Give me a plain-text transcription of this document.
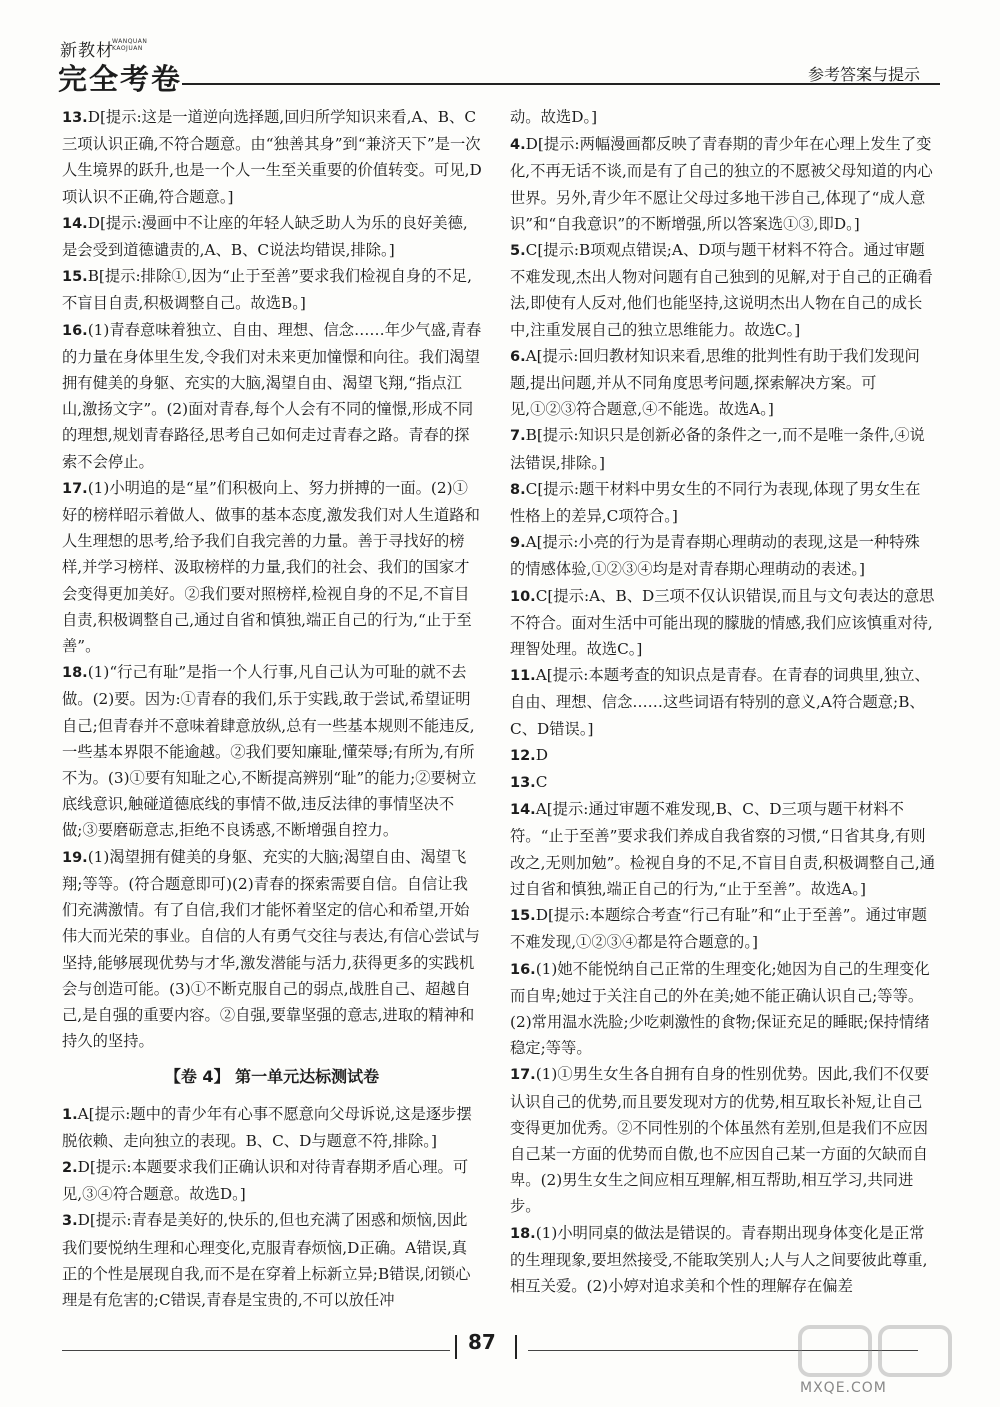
新教材
WANQUAN
KAOJUAN
完全考卷	参考答案与提示
13.D[提示:这是一道逆向选择题,回归所学知识来看,A、B、C三项认识正确,不符合题意。由“独善其身”到“兼济天下”是一次人生境界的跃升,也是一个人一生至关重要的价值转变。可见,D项认识不正确,符合题意。]
14.D[提示:漫画中不让座的年轻人缺乏助人为乐的良好美德,是会受到道德谴责的,A、B、C说法均错误,排除。]
15.B[提示:排除①,因为“止于至善”要求我们检视自身的不足,不盲目自责,积极调整自己。故选B。]
16.(1)青春意味着独立、自由、理想、信念……年少气盛,青春的力量在身体里生发,令我们对未来更加憧憬和向往。我们渴望拥有健美的身躯、充实的大脑,渴望自由、渴望飞翔,“指点江山,激扬文字”。(2)面对青春,每个人会有不同的憧憬,形成不同的理想,规划青春路径,思考自己如何走过青春之路。青春的探索不会停止。
17.(1)小明追的是“星”们积极向上、努力拼搏的一面。(2)①好的榜样昭示着做人、做事的基本态度,激发我们对人生道路和人生理想的思考,给予我们自我完善的力量。善于寻找好的榜样,并学习榜样、汲取榜样的力量,我们的社会、我们的国家才会变得更加美好。②我们要对照榜样,检视自身的不足,不盲目自责,积极调整自己,通过自省和慎独,端正自己的行为,“止于至善”。
18.(1)“行己有耻”是指一个人行事,凡自己认为可耻的就不去做。(2)要。因为:①青春的我们,乐于实践,敢于尝试,希望证明自己;但青春并不意味着肆意放纵,总有一些基本规则不能违反,一些基本界限不能逾越。②我们要知廉耻,懂荣辱;有所为,有所不为。(3)①要有知耻之心,不断提高辨别“耻”的能力;②要树立底线意识,触碰道德底线的事情不做,违反法律的事情坚决不做;③要磨砺意志,拒绝不良诱惑,不断增强自控力。
19.(1)渴望拥有健美的身躯、充实的大脑;渴望自由、渴望飞翔;等等。(符合题意即可)(2)青春的探索需要自信。自信让我们充满激情。有了自信,我们才能怀着坚定的信心和希望,开始伟大而光荣的事业。自信的人有勇气交往与表达,有信心尝试与坚持,能够展现优势与才华,激发潜能与活力,获得更多的实践机会与创造可能。(3)①不断克服自己的弱点,战胜自己、超越自己,是自强的重要内容。②自强,要靠坚强的意志,进取的精神和持久的坚持。
【卷 4】 第一单元达标测试卷
1.A[提示:题中的青少年有心事不愿意向父母诉说,这是逐步摆脱依赖、走向独立的表现。B、C、D与题意不符,排除。]
2.D[提示:本题要求我们正确认识和对待青春期矛盾心理。可见,③④符合题意。故选D。]
3.D[提示:青春是美好的,快乐的,但也充满了困惑和烦恼,因此我们要悦纳生理和心理变化,克服青春烦恼,D正确。A错误,真正的个性是展现自我,而不是在穿着上标新立异;B错误,闭锁心理是有危害的;C错误,青春是宝贵的,不可以放任冲
动。故选D。]
4.D[提示:两幅漫画都反映了青春期的青少年在心理上发生了变化,不再无话不谈,而是有了自己的独立的不愿被父母知道的内心世界。另外,青少年不愿让父母过多地干涉自己,体现了“成人意识”和“自我意识”的不断增强,所以答案选①③,即D。]
5.C[提示:B项观点错误;A、D项与题干材料不符合。通过审题不难发现,杰出人物对问题有自己独到的见解,对于自己的正确看法,即使有人反对,他们也能坚持,这说明杰出人物在自己的成长中,注重发展自己的独立思维能力。故选C。]
6.A[提示:回归教材知识来看,思维的批判性有助于我们发现问题,提出问题,并从不同角度思考问题,探索解决方案。可见,①②③符合题意,④不能选。故选A。]
7.B[提示:知识只是创新必备的条件之一,而不是唯一条件,④说法错误,排除。]
8.C[提示:题干材料中男女生的不同行为表现,体现了男女生在性格上的差异,C项符合。]
9.A[提示:小亮的行为是青春期心理萌动的表现,这是一种特殊的情感体验,①②③④均是对青春期心理萌动的表述。]
10.C[提示:A、B、D三项不仅认识错误,而且与文句表达的意思不符合。面对生活中可能出现的朦胧的情感,我们应该慎重对待,理智处理。故选C。]
11.A[提示:本题考查的知识点是青春。在青春的词典里,独立、自由、理想、信念……这些词语有特别的意义,A符合题意;B、C、D错误。]
12.D
13.C
14.A[提示:通过审题不难发现,B、C、D三项与题干材料不符。“止于至善”要求我们养成自我省察的习惯,“日省其身,有则改之,无则加勉”。检视自身的不足,不盲目自责,积极调整自己,通过自省和慎独,端正自己的行为,“止于至善”。故选A。]
15.D[提示:本题综合考查“行己有耻”和“止于至善”。通过审题不难发现,①②③④都是符合题意的。]
16.(1)她不能悦纳自己正常的生理变化;她因为自己的生理变化而自卑;她过于关注自己的外在美;她不能正确认识自己;等等。(2)常用温水洗脸;少吃刺激性的食物;保证充足的睡眠;保持情绪稳定;等等。
17.(1)①男生女生各自拥有自身的性别优势。因此,我们不仅要认识自己的优势,而且要发现对方的优势,相互取长补短,让自己变得更加优秀。②不同性别的个体虽然有差别,但是我们不应因自己某一方面的优势而自傲,也不应因自己某一方面的欠缺而自卑。(2)男生女生之间应相互理解,相互帮助,相互学习,共同进步。
18.(1)小明同桌的做法是错误的。青春期出现身体变化是正常的生理现象,要坦然接受,不能取笑别人;人与人之间要彼此尊重,相互关爱。(2)小婷对追求美和个性的理解存在偏差
87
MXQE.COM
